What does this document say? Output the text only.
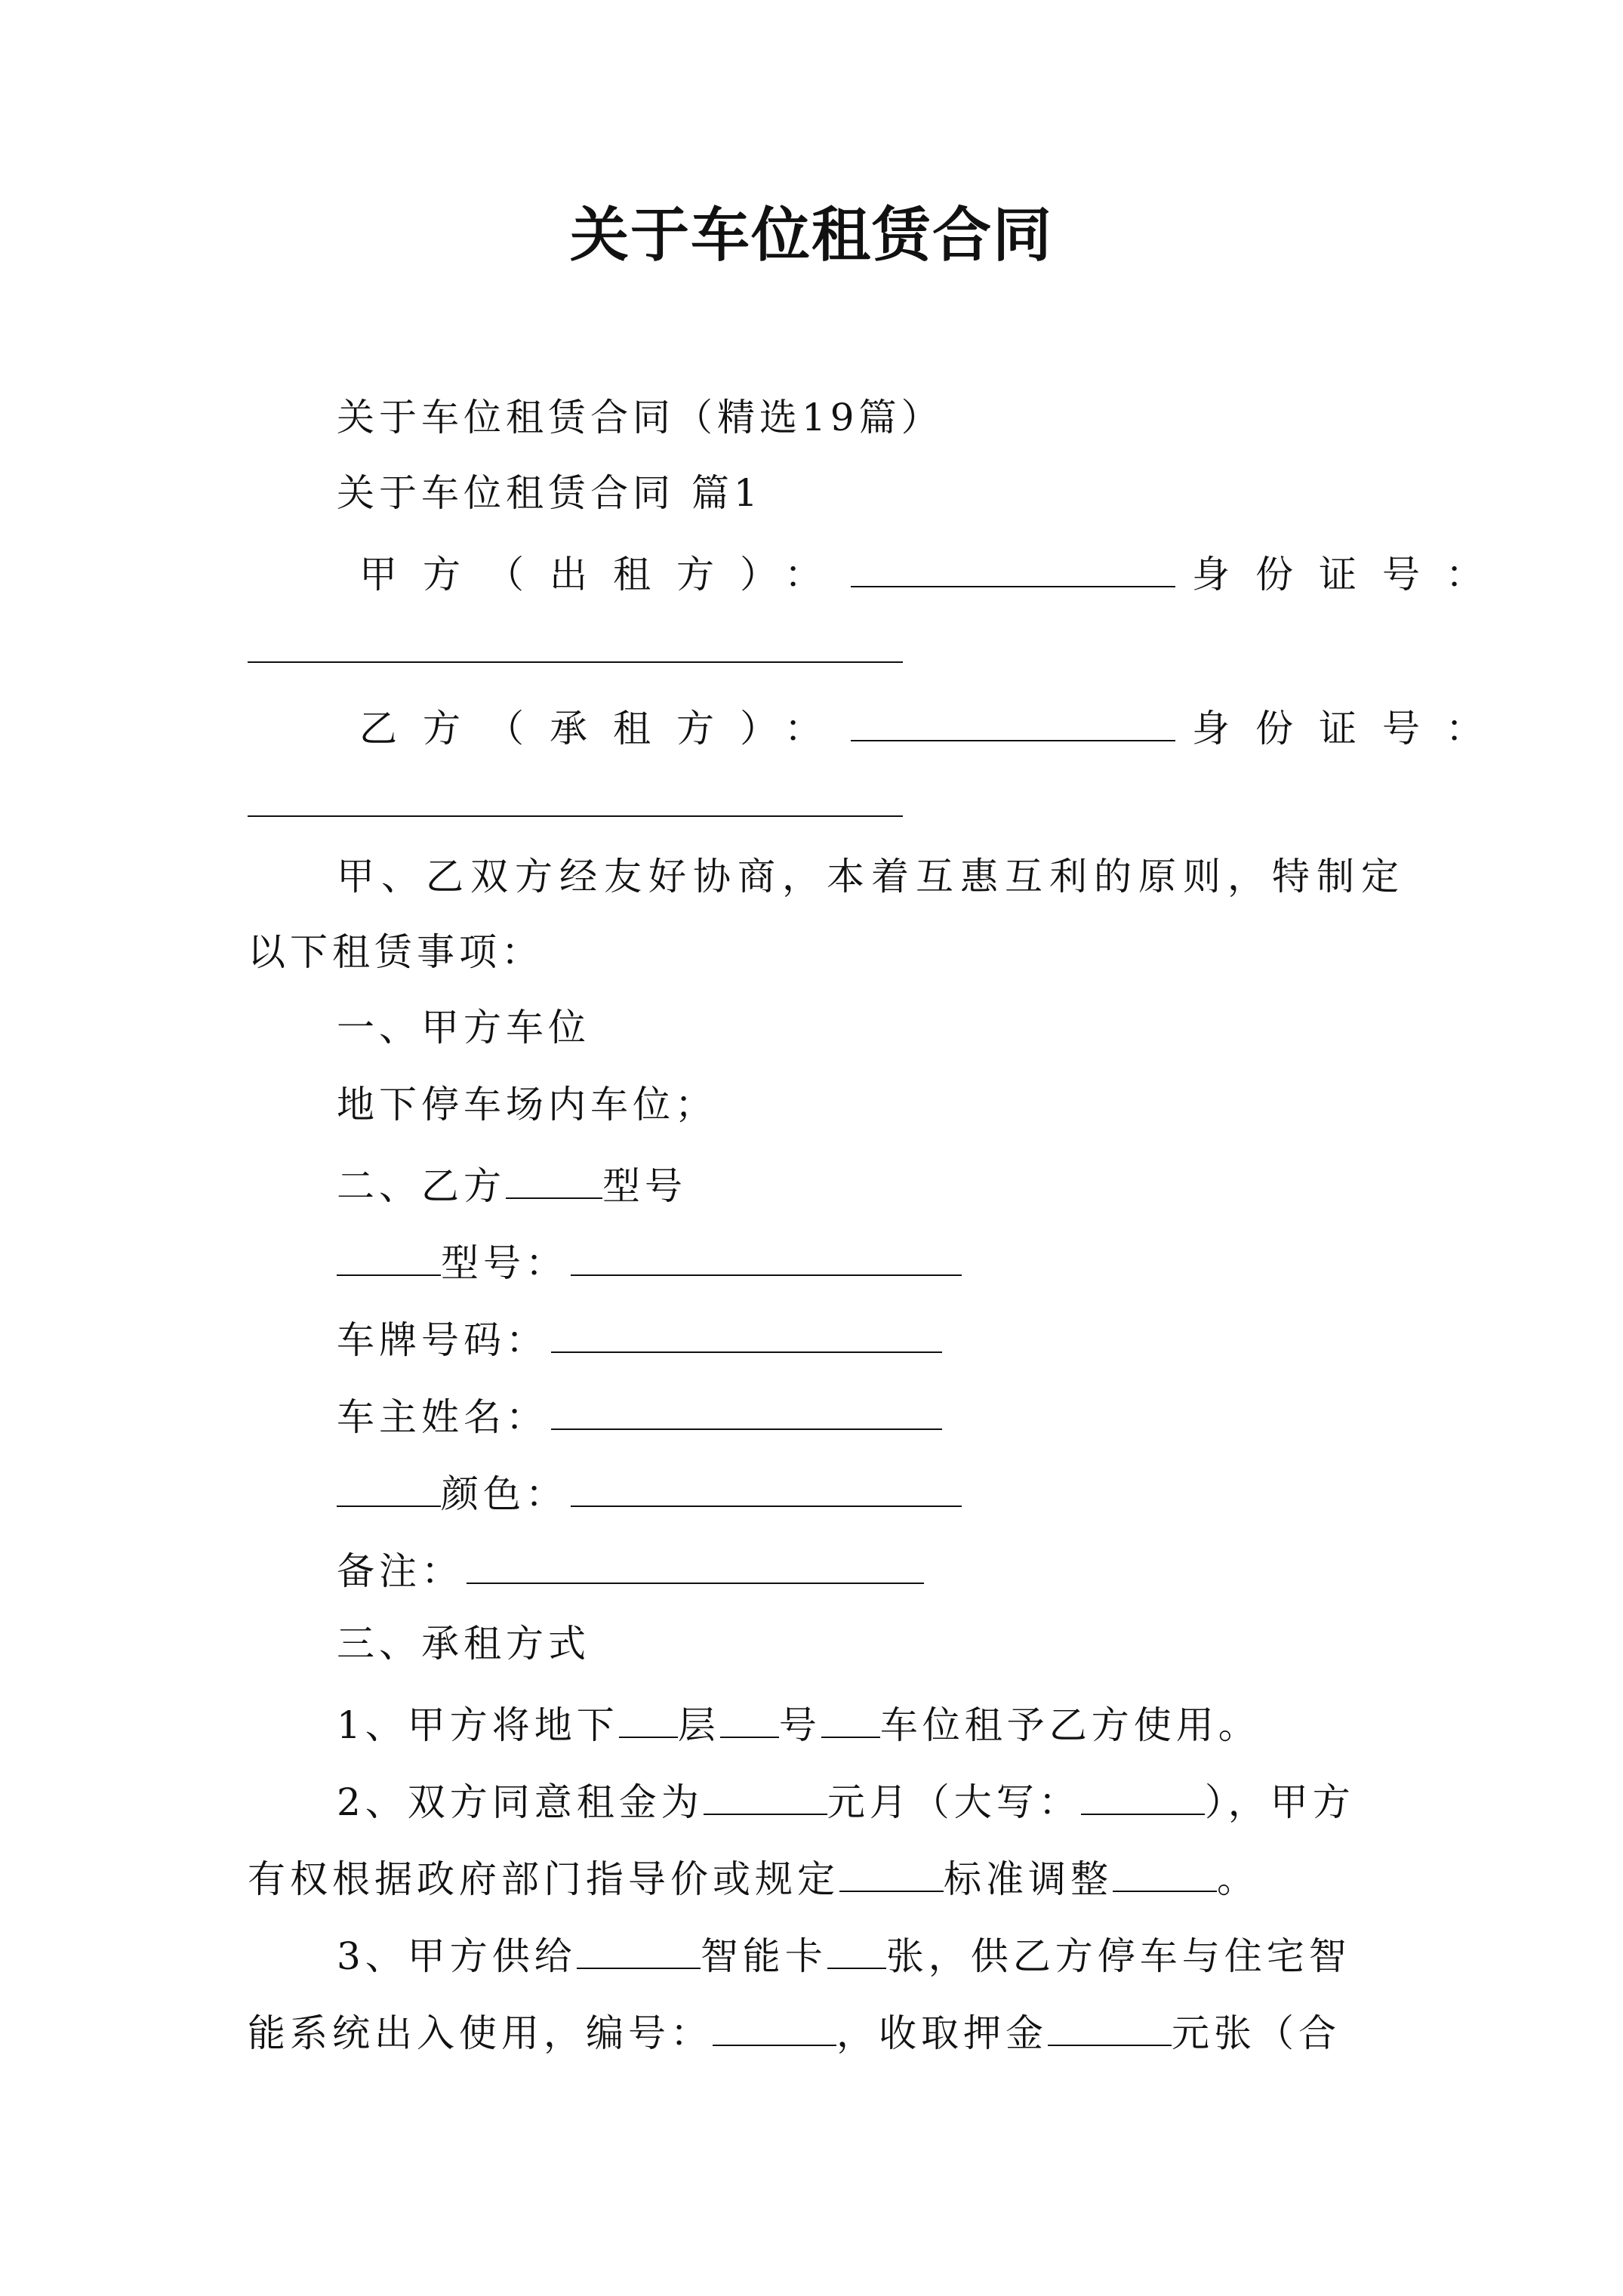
关于车位租赁合同
关于车位租赁合同（精选19篇）
关于车位租赁合同 篇1
甲方（出租方）：	身份证号：
乙方（承租方）：	身份证号：
甲、乙双方经友好协商，本着互惠互利的原则，特制定
以下租赁事项：
一、甲方车位
地下停车场内车位；
二、乙方	型号
型号：
车牌号码：
车主姓名：
颜色：
备注：
三、承租方式
1、甲方将地下 层 号 车位租予乙方使用。
2、双方同意租金为	元月（大写：	），甲方
有权根据政府部门指导价或规定	标准调整	。
3、甲方供给	智能卡 张，供乙方停车与住宅智
能系统出入使用，编号：	，收取押金	元张（合
